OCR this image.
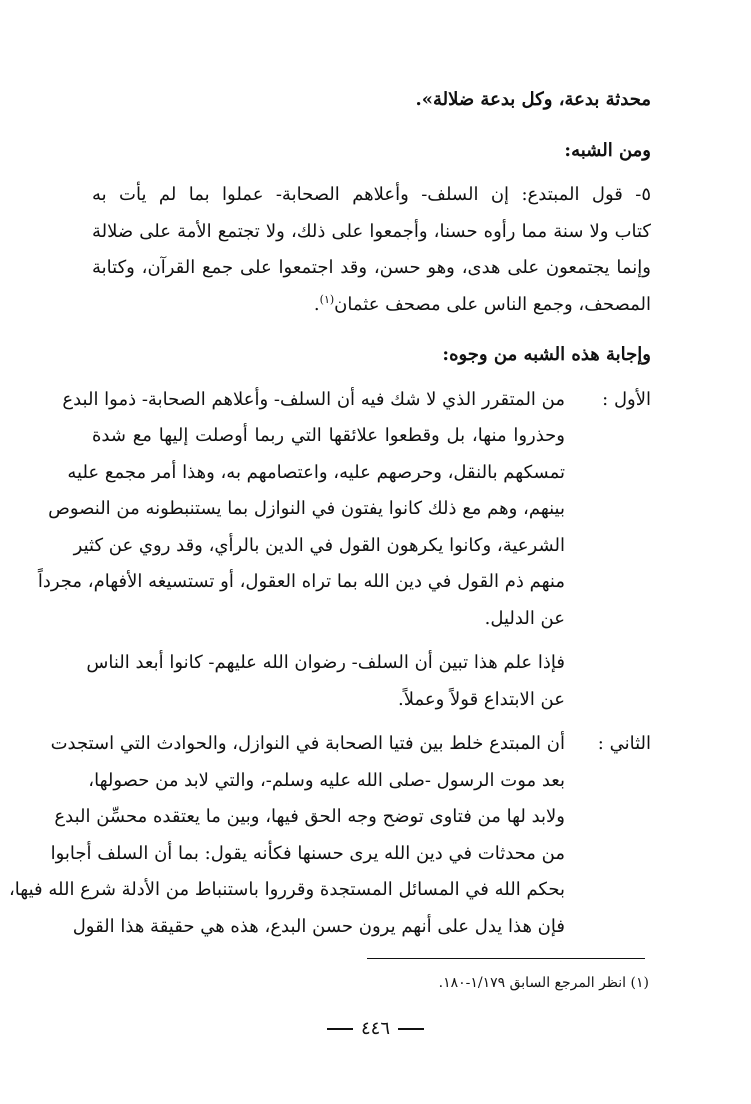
محدثة بدعة، وكل بدعة ضلالة».
ومن الشبه:
٥- قول المبتدع: إن السلف- وأعلاهم الصحابة- عملوا بما لم يأت به
كتاب ولا سنة مما رأوه حسنا، وأجمعوا على ذلك، ولا تجتمع الأمة على ضلالة
وإنما يجتمعون على هدى، وهو حسن، وقد اجتمعوا على جمع القرآن، وكتابة
المصحف، وجمع الناس على مصحف عثمان$^{(١)}$.
وإجابة هذه الشبه من وجوه:
الأول :
من المتقرر الذي لا شك فيه أن السلف- وأعلاهم الصحابة- ذموا البدع
وحذروا منها، بل وقطعوا علائقها التي ربما أوصلت إليها مع شدة
تمسكهم بالنقل، وحرصهم عليه، واعتصامهم به، وهذا أمر مجمع عليه
بينهم، وهم مع ذلك كانوا يفتون في النوازل بما يستنبطونه من النصوص
الشرعية، وكانوا يكرهون القول في الدين بالرأي، وقد روي عن كثير
منهم ذم القول في دين الله بما تراه العقول، أو تستسيغه الأفهام، مجرداً
عن الدليل.
فإذا علم هذا تبين أن السلف- رضوان الله عليهم- كانوا أبعد الناس
عن الابتداع قولاً وعملاً.
الثاني :
أن المبتدع خلط بين فتيا الصحابة في النوازل، والحوادث التي استجدت
بعد موت الرسول -صلى الله عليه وسلم-، والتي لابد من حصولها،
ولابد لها من فتاوى توضح وجه الحق فيها، وبين ما يعتقده محسِّن البدع
من محدثات في دين الله يرى حسنها فكأنه يقول: بما أن السلف أجابوا
بحكم الله في المسائل المستجدة وقرروا باستنباط من الأدلة شرع الله فيها،
فإن هذا يدل على أنهم يرون حسن البدع، هذه هي حقيقة هذا القول
(١) انظر المرجع السابق ١/١٧٩-١٨٠.
٤٤٦
